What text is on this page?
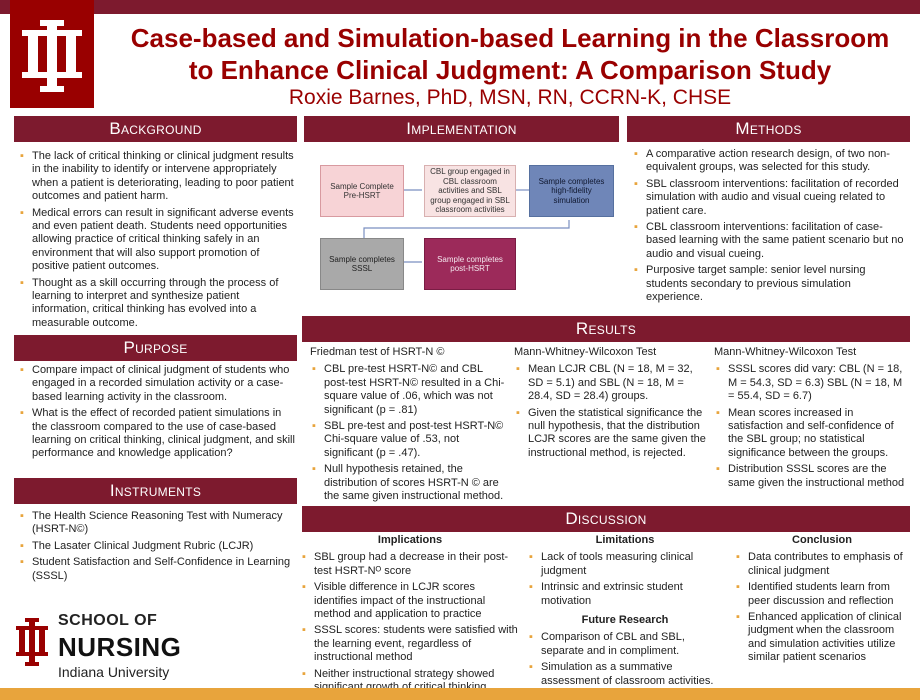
Case-based and Simulation-based Learning in the Classroom
to Enhance Clinical Judgment: A Comparison Study
Roxie Barnes, PhD, MSN, RN, CCRN-K, CHSE
Background
▪ The lack of critical thinking or clinical judgment results in the inability to identify or intervene appropriately when a patient is deteriorating, leading to poor patient outcomes and patient harm.
▪ Medical errors can result in significant adverse events and even patient death. Students need opportunities allowing practice of critical thinking safely in an environment that will also support promotion of positive patient outcomes.
▪ Thought as a skill occurring through the process of learning to interpret and synthesize patient information, critical thinking has evolved into a measurable outcome.
Purpose
▪ Compare impact of clinical judgment of students who engaged in a recorded simulation activity or a case-based learning activity in the classroom.
▪ What is the effect of recorded patient simulations in the classroom compared to the use of case-based learning on critical thinking, clinical judgment, and skill performance and knowledge application?
Instruments
▪ The Health Science Reasoning Test with Numeracy (HSRT-N©)
▪ The Lasater Clinical Judgment Rubric (LCJR)
▪ Student Satisfaction and Self-Confidence in Learning (SSSL)
Implementation
Sample Complete Pre-HSRT
CBL group engaged in CBL classroom activities and SBL group engaged in SBL classroom activities
Sample completes high-fidelity simulation
Sample completes SSSL
Sample completes post-HSRT
Methods
▪ A comparative action research design, of two non-equivalent groups, was selected for this study.
▪ SBL classroom interventions: facilitation of recorded simulation with audio and visual cueing related to patient care.
▪ CBL classroom interventions: facilitation of case-based learning with the same patient scenario but no audio and visual cueing.
▪ Purposive target sample: senior level nursing students secondary to previous simulation experience.
Results
Friedman test of HSRT-N ©
▪ CBL pre-test HSRT-N© and CBL post-test HSRT-N© resulted in a Chi-square value of .06, which was not significant (p = .81)
▪ SBL pre-test and post-test HSRT-N© Chi-square value of .53, not significant (p = .47).
▪ Null hypothesis retained, the distribution of scores HSRT-N © are the same given instructional method.
Mann-Whitney-Wilcoxon Test
▪ Mean LCJR CBL (N = 18, M = 32, SD = 5.1) and SBL (N = 18, M = 28.4, SD = 28.4) groups.
▪ Given the statistical significance the null hypothesis, that the distribution LCJR scores are the same given the instructional method, is rejected.
Mann-Whitney-Wilcoxon Test
▪ SSSL scores did vary: CBL (N = 18, M = 54.3, SD = 6.3) SBL (N = 18, M = 55.4, SD = 6.7)
▪ Mean scores increased in satisfaction and self-confidence of the SBL group; no statistical significance between the groups.
▪ Distribution SSSL scores are the same given the instructional method
Discussion
Implications
▪ SBL group had a decrease in their post-test HSRT-Nᴼ score
▪ Visible difference in LCJR scores identifies impact of the instructional method and application to practice
▪ SSSL scores: students were satisfied with the learning event, regardless of instructional method
▪ Neither instructional strategy showed
Limitations
▪ Lack of tools measuring clinical judgment
▪ Intrinsic and extrinsic student motivation
Future Research
▪ Comparison of CBL and SBL, separate and in compliment.
▪ Simulation as a summative assessment of classroom activities.
Conclusion
▪ Data contributes to emphasis of clinical judgment
▪ Identified students learn from peer discussion and reflection
▪ Enhanced application of clinical judgment when the classroom and simulation activities utilize similar patient scenarios
SCHOOL OF
NURSING
Indiana University
